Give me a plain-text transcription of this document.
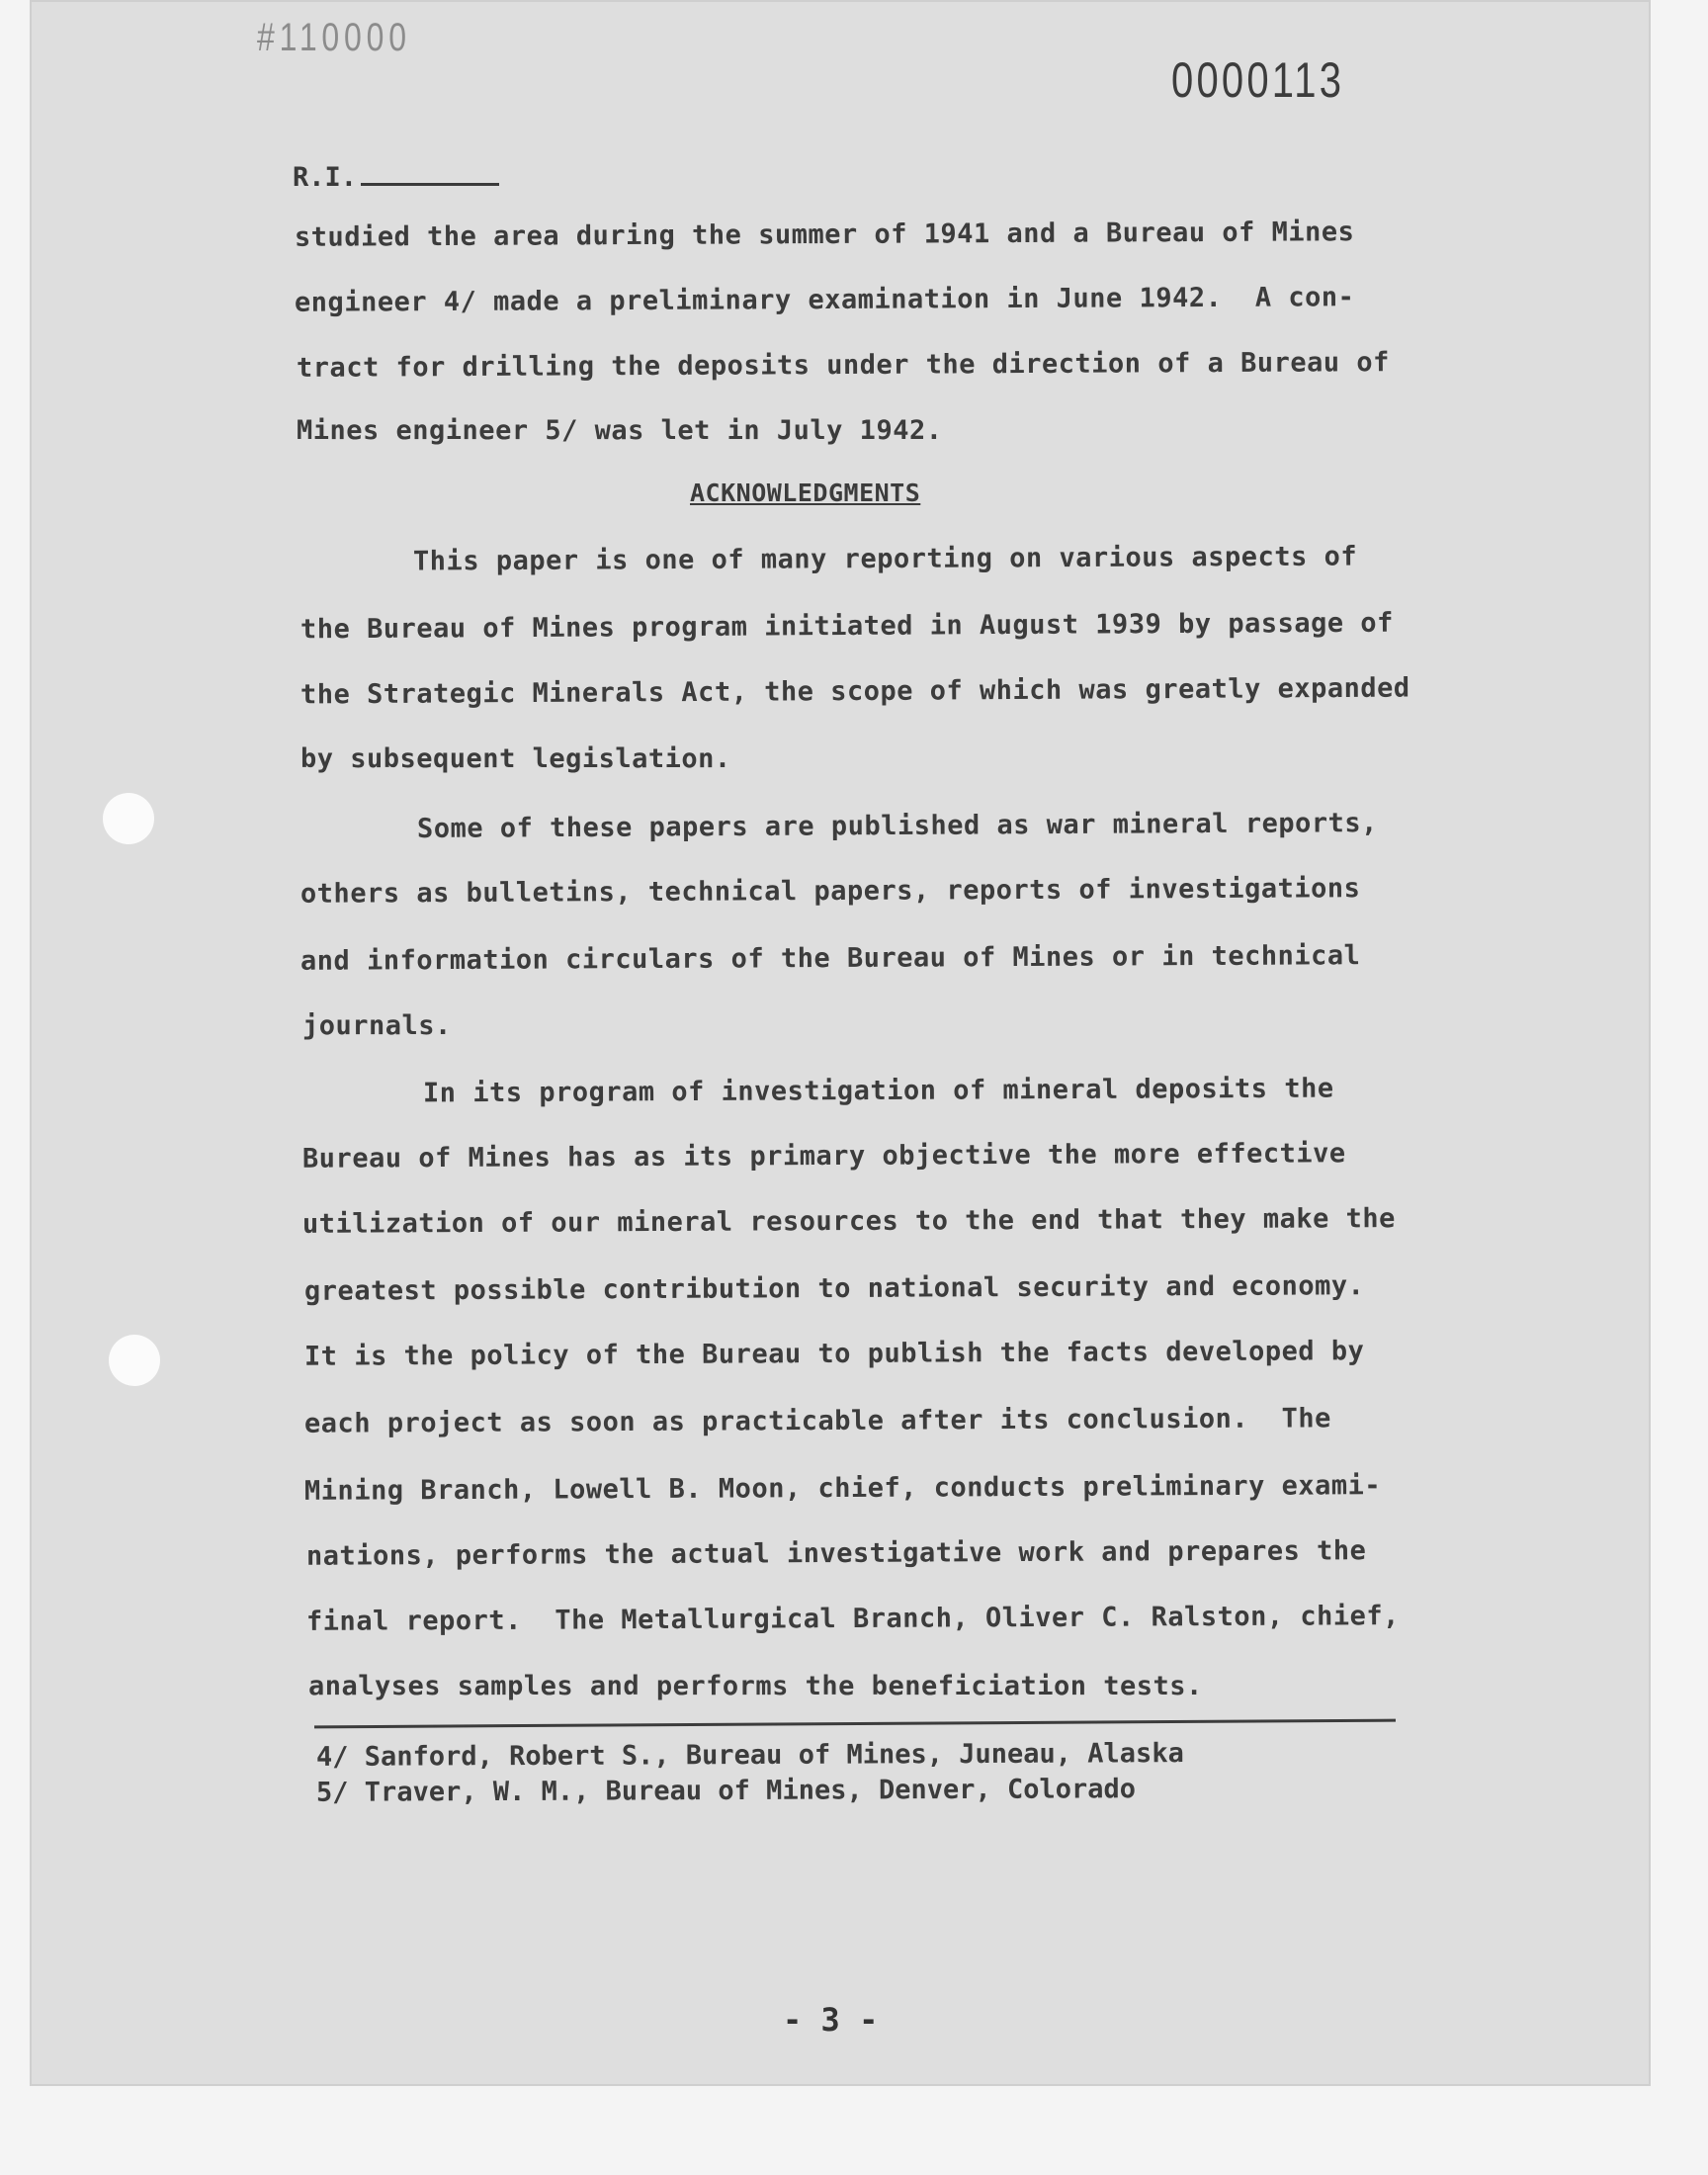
#110000
0000113
R.I.
studied the area during the summer of 1941 and a Bureau of Mines
engineer 4/ made a preliminary examination in June 1942.  A con-
tract for drilling the deposits under the direction of a Bureau of
Mines engineer 5/ was let in July 1942.
ACKNOWLEDGMENTS
This paper is one of many reporting on various aspects of
the Bureau of Mines program initiated in August 1939 by passage of
the Strategic Minerals Act, the scope of which was greatly expanded
by subsequent legislation.
Some of these papers are published as war mineral reports,
others as bulletins, technical papers, reports of investigations
and information circulars of the Bureau of Mines or in technical
journals.
In its program of investigation of mineral deposits the
Bureau of Mines has as its primary objective the more effective
utilization of our mineral resources to the end that they make the
greatest possible contribution to national security and economy.
It is the policy of the Bureau to publish the facts developed by
each project as soon as practicable after its conclusion.  The
Mining Branch, Lowell B. Moon, chief, conducts preliminary exami-
nations, performs the actual investigative work and prepares the
final report.  The Metallurgical Branch, Oliver C. Ralston, chief,
analyses samples and performs the beneficiation tests.
4/ Sanford, Robert S., Bureau of Mines, Juneau, Alaska
5/ Traver, W. M., Bureau of Mines, Denver, Colorado
- 3 -
